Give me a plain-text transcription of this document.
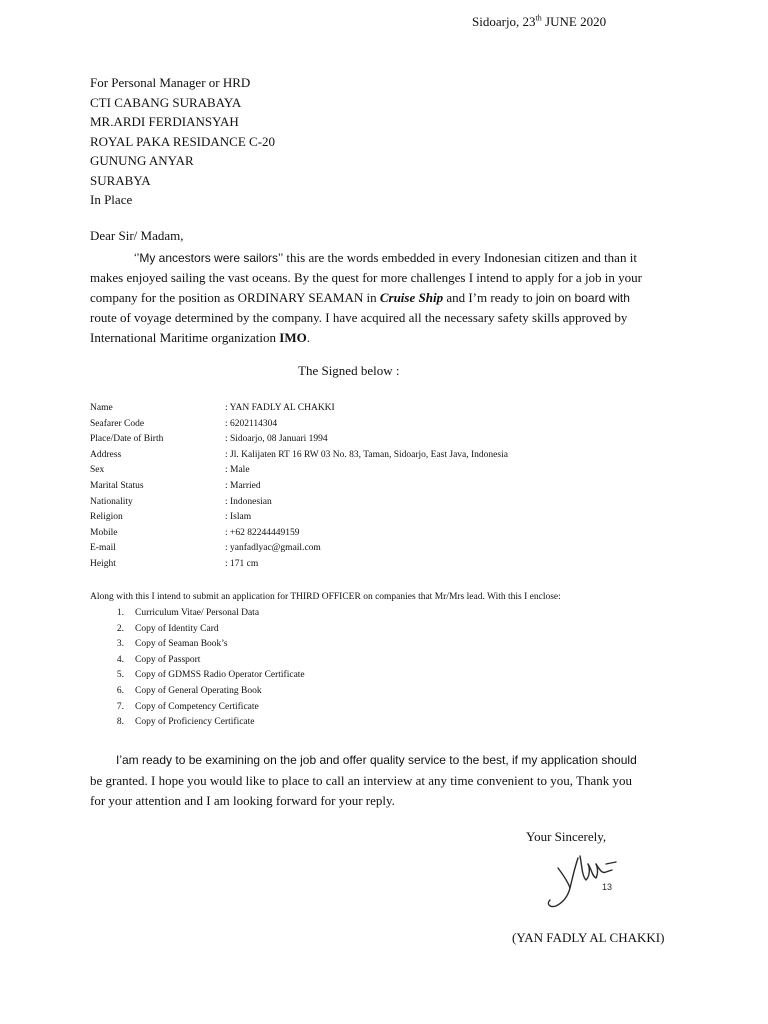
Sidoarjo, 23th JUNE 2020
For Personal Manager or HRD
CTI CABANG SURABAYA
MR.ARDI FERDIANSYAH
ROYAL PAKA RESIDANCE C-20
GUNUNG ANYAR
SURABYA
In Place
Dear Sir/ Madam,
‘’My ancestors were sailors’’ this are the words embedded in every Indonesian citizen and than it
makes enjoyed sailing the vast oceans. By the quest for more challenges I intend to apply for a job in your
company for the position as ORDINARY SEAMAN in Cruise Ship and I’m ready to join on board with
route of voyage determined by the company. I have acquired all the necessary safety skills approved by
International Maritime organization IMO.
The Signed below :
Name	: YAN FADLY AL CHAKKI
Seafarer Code	: 6202114304
Place/Date of Birth	: Sidoarjo, 08 Januari 1994
Address	: Jl. Kalijaten RT 16 RW 03 No. 83, Taman, Sidoarjo, East Java, Indonesia
Sex	: Male
Marital Status	: Married
Nationality	: Indonesian
Religion	: Islam
Mobile	: +62 82244449159
E-mail	: yanfadlyac@gmail.com
Height	: 171 cm
Along with this I intend to submit an application for THIRD OFFICER on companies that Mr/Mrs lead. With this I enclose:
1. Curriculum Vitae/ Personal Data
2. Copy of Identity Card
3. Copy of Seaman Book’s
4. Copy of Passport
5. Copy of GDMSS Radio Operator Certificate
6. Copy of General Operating Book
7. Copy of Competency Certificate
8. Copy of Proficiency Certificate
I’am ready to be examining on the job and offer quality service to the best, if my application should
be granted. I hope you would like to place to call an interview at any time convenient to you, Thank you
for your attention and I am looking forward for your reply.
Your Sincerely,
13
(YAN FADLY AL CHAKKI)
